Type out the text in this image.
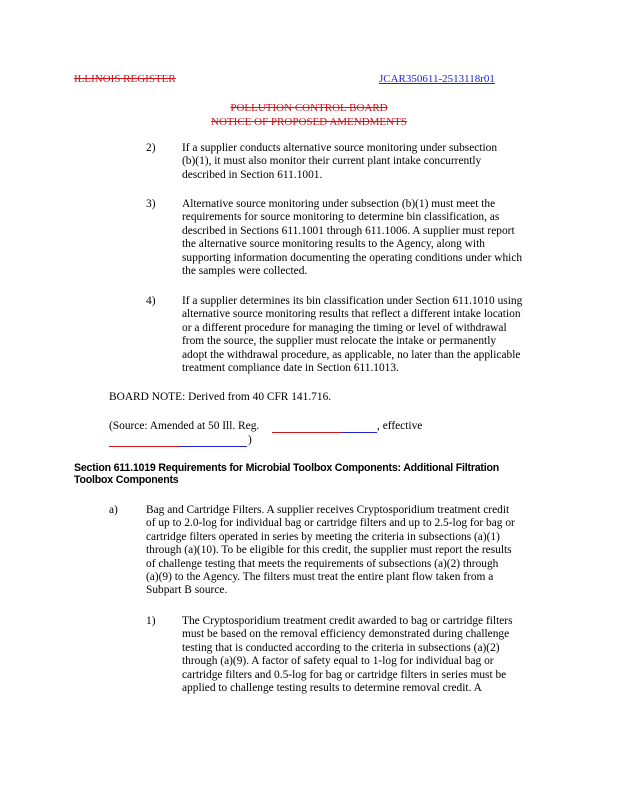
ILLINOIS REGISTER	JCAR350611-2513118r01
POLLUTION CONTROL BOARD
NOTICE OF PROPOSED AMENDMENTS
2) If a supplier conducts alternative source monitoring under subsection
(b)(1), it must also monitor their current plant intake concurrently
described in Section 611.1001.
3) Alternative source monitoring under subsection (b)(1) must meet the
requirements for source monitoring to determine bin classification, as
described in Sections 611.1001 through 611.1006. A supplier must report
the alternative source monitoring results to the Agency, along with
supporting information documenting the operating conditions under which
the samples were collected.
4) If a supplier determines its bin classification under Section 611.1010 using
alternative source monitoring results that reflect a different intake location
or a different procedure for managing the timing or level of withdrawal
from the source, the supplier must relocate the intake or permanently
adopt the withdrawal procedure, as applicable, no later than the applicable
treatment compliance date in Section 611.1013.
BOARD NOTE: Derived from 40 CFR 141.716.
(Source: Amended at 50 Ill. Reg.	, effective
)
Section 611.1019 Requirements for Microbial Toolbox Components: Additional Filtration
Toolbox Components
a) Bag and Cartridge Filters. A supplier receives Cryptosporidium treatment credit
of up to 2.0-log for individual bag or cartridge filters and up to 2.5-log for bag or
cartridge filters operated in series by meeting the criteria in subsections (a)(1)
through (a)(10). To be eligible for this credit, the supplier must report the results
of challenge testing that meets the requirements of subsections (a)(2) through
(a)(9) to the Agency. The filters must treat the entire plant flow taken from a
Subpart B source.
1) The Cryptosporidium treatment credit awarded to bag or cartridge filters
must be based on the removal efficiency demonstrated during challenge
testing that is conducted according to the criteria in subsections (a)(2)
through (a)(9). A factor of safety equal to 1-log for individual bag or
cartridge filters and 0.5-log for bag or cartridge filters in series must be
applied to challenge testing results to determine removal credit. A
